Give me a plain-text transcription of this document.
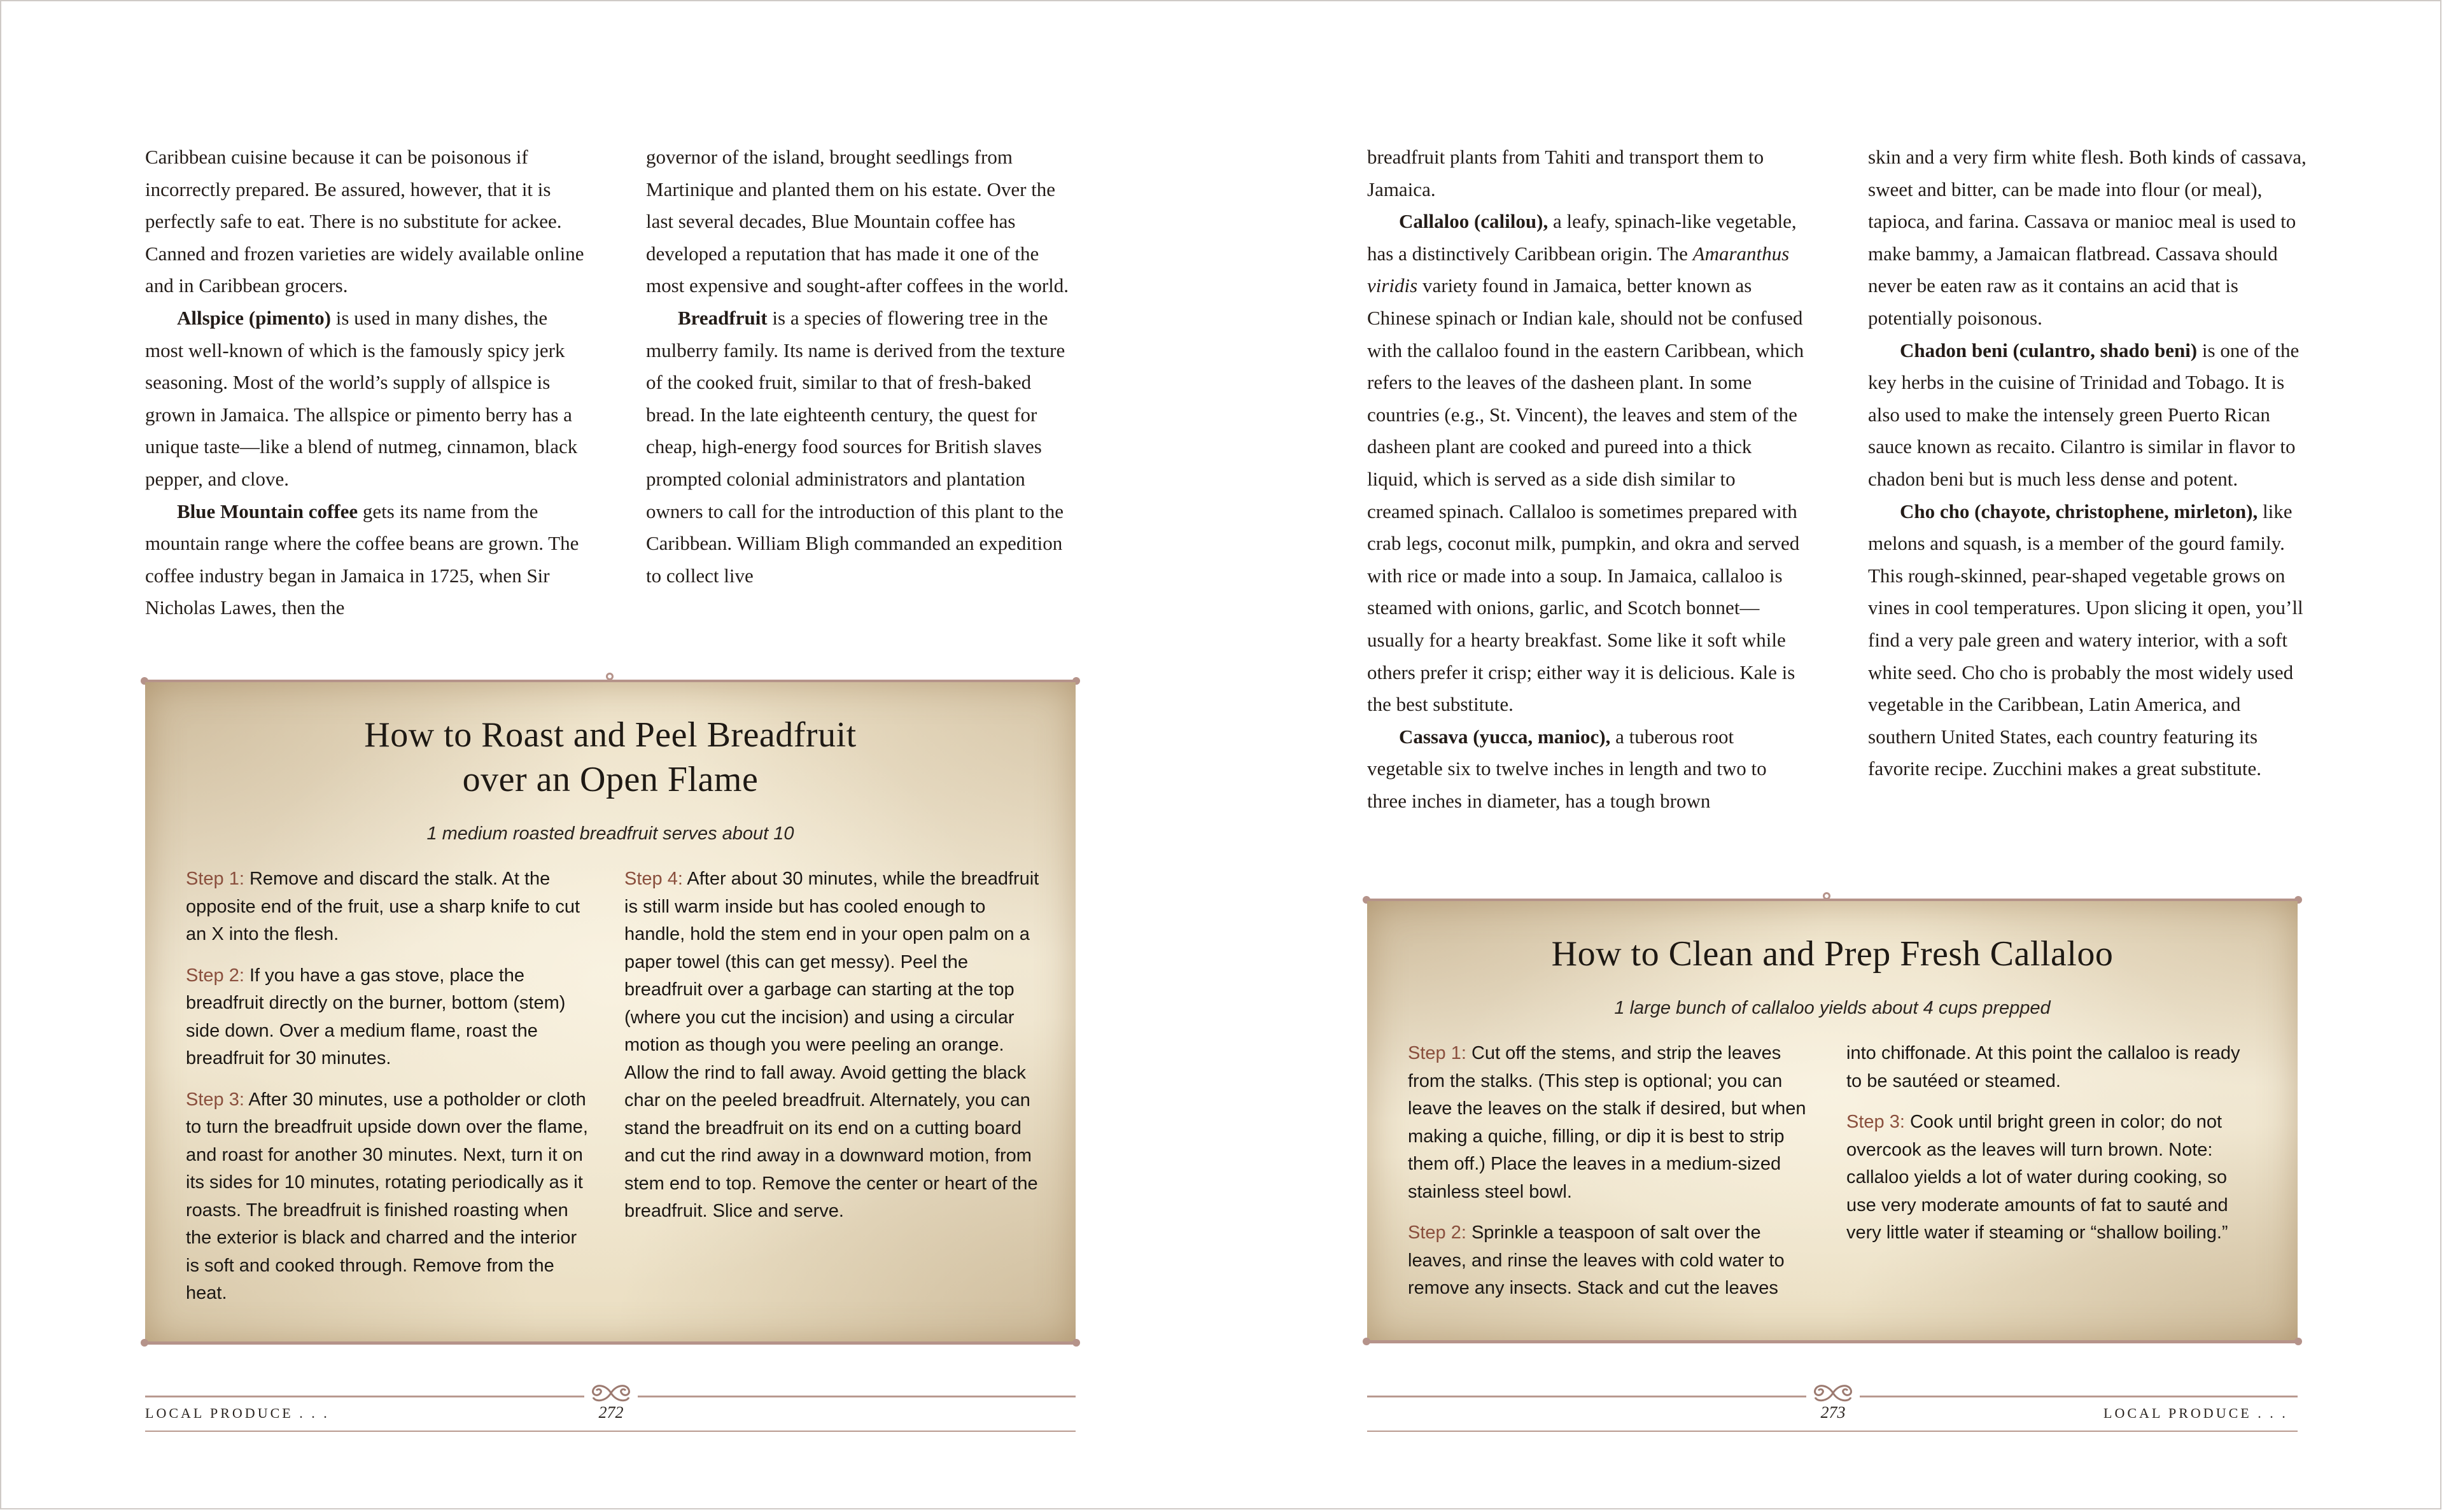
Caribbean cuisine because it can be poisonous if incorrectly prepared. Be assured, however, that it is perfectly safe to eat. There is no substitute for ackee. Canned and frozen varieties are widely available online and in Caribbean grocers.

Allspice (pimento) is used in many dishes, the most well-known of which is the famously spicy jerk seasoning. Most of the world’s supply of allspice is grown in Jamaica. The allspice or pimento berry has a unique taste—like a blend of nutmeg, cinnamon, black pepper, and clove.

Blue Mountain coffee gets its name from the mountain range where the coffee beans are grown. The coffee industry began in Jamaica in 1725, when Sir Nicholas Lawes, then the

governor of the island, brought seedlings from Martinique and planted them on his estate. Over the last several decades, Blue Mountain coffee has developed a reputation that has made it one of the most expensive and sought-after coffees in the world.

Breadfruit is a species of flowering tree in the mulberry family. Its name is derived from the texture of the cooked fruit, similar to that of fresh-baked bread. In the late eighteenth century, the quest for cheap, high-energy food sources for British slaves prompted colonial administrators and plantation owners to call for the introduction of this plant to the Caribbean. William Bligh commanded an expedition to collect live

How to Roast and Peel Breadfruit
over an Open Flame
1 medium roasted breadfruit serves about 10

Step 1: Remove and discard the stalk. At the opposite end of the fruit, use a sharp knife to cut an X into the flesh.

Step 2: If you have a gas stove, place the breadfruit directly on the burner, bottom (stem) side down. Over a medium flame, roast the breadfruit for 30 minutes.

Step 3: After 30 minutes, use a potholder or cloth to turn the breadfruit upside down over the flame, and roast for another 30 minutes. Next, turn it on its sides for 10 minutes, rotating periodically as it roasts. The breadfruit is finished roasting when the exterior is black and charred and the interior is soft and cooked through. Remove from the heat.

Step 4: After about 30 minutes, while the breadfruit is still warm inside but has cooled enough to handle, hold the stem end in your open palm on a paper towel (this can get messy). Peel the breadfruit over a garbage can starting at the top (where you cut the incision) and using a circular motion as though you were peeling an orange. Allow the rind to fall away. Avoid getting the black char on the peeled breadfruit. Alternately, you can stand the breadfruit on its end on a cutting board and cut the rind away in a downward motion, from stem end to top. Remove the center or heart of the breadfruit. Slice and serve.

LOCAL PRODUCE . . .	272

breadfruit plants from Tahiti and transport them to Jamaica.

Callaloo (calilou), a leafy, spinach-like vegetable, has a distinctively Caribbean origin. The Amaranthus viridis variety found in Jamaica, better known as Chinese spinach or Indian kale, should not be confused with the callaloo found in the eastern Caribbean, which refers to the leaves of the dasheen plant. In some countries (e.g., St. Vincent), the leaves and stem of the dasheen plant are cooked and pureed into a thick liquid, which is served as a side dish similar to creamed spinach. Callaloo is sometimes prepared with crab legs, coconut milk, pumpkin, and okra and served with rice or made into a soup. In Jamaica, callaloo is steamed with onions, garlic, and Scotch bonnet—usually for a hearty breakfast. Some like it soft while others prefer it crisp; either way it is delicious. Kale is the best substitute.

Cassava (yucca, manioc), a tuberous root vegetable six to twelve inches in length and two to three inches in diameter, has a tough brown

skin and a very firm white flesh. Both kinds of cassava, sweet and bitter, can be made into flour (or meal), tapioca, and farina. Cassava or manioc meal is used to make bammy, a Jamaican flatbread. Cassava should never be eaten raw as it contains an acid that is potentially poisonous.

Chadon beni (culantro, shado beni) is one of the key herbs in the cuisine of Trinidad and Tobago. It is also used to make the intensely green Puerto Rican sauce known as recaito. Cilantro is similar in flavor to chadon beni but is much less dense and potent.

Cho cho (chayote, christophene, mirleton), like melons and squash, is a member of the gourd family. This rough-skinned, pear-shaped vegetable grows on vines in cool temperatures. Upon slicing it open, you’ll find a very pale green and watery interior, with a soft white seed. Cho cho is probably the most widely used vegetable in the Caribbean, Latin America, and southern United States, each country featuring its favorite recipe. Zucchini makes a great substitute.

How to Clean and Prep Fresh Callaloo
1 large bunch of callaloo yields about 4 cups prepped

Step 1: Cut off the stems, and strip the leaves from the stalks. (This step is optional; you can leave the leaves on the stalk if desired, but when making a quiche, filling, or dip it is best to strip them off.) Place the leaves in a medium-sized stainless steel bowl.

Step 2: Sprinkle a teaspoon of salt over the leaves, and rinse the leaves with cold water to remove any insects. Stack and cut the leaves

into chiffonade. At this point the callaloo is ready to be sautéed or steamed.

Step 3: Cook until bright green in color; do not overcook as the leaves will turn brown. Note: callaloo yields a lot of water during cooking, so use very moderate amounts of fat to sauté and very little water if steaming or “shallow boiling.”

273	LOCAL PRODUCE . . .
